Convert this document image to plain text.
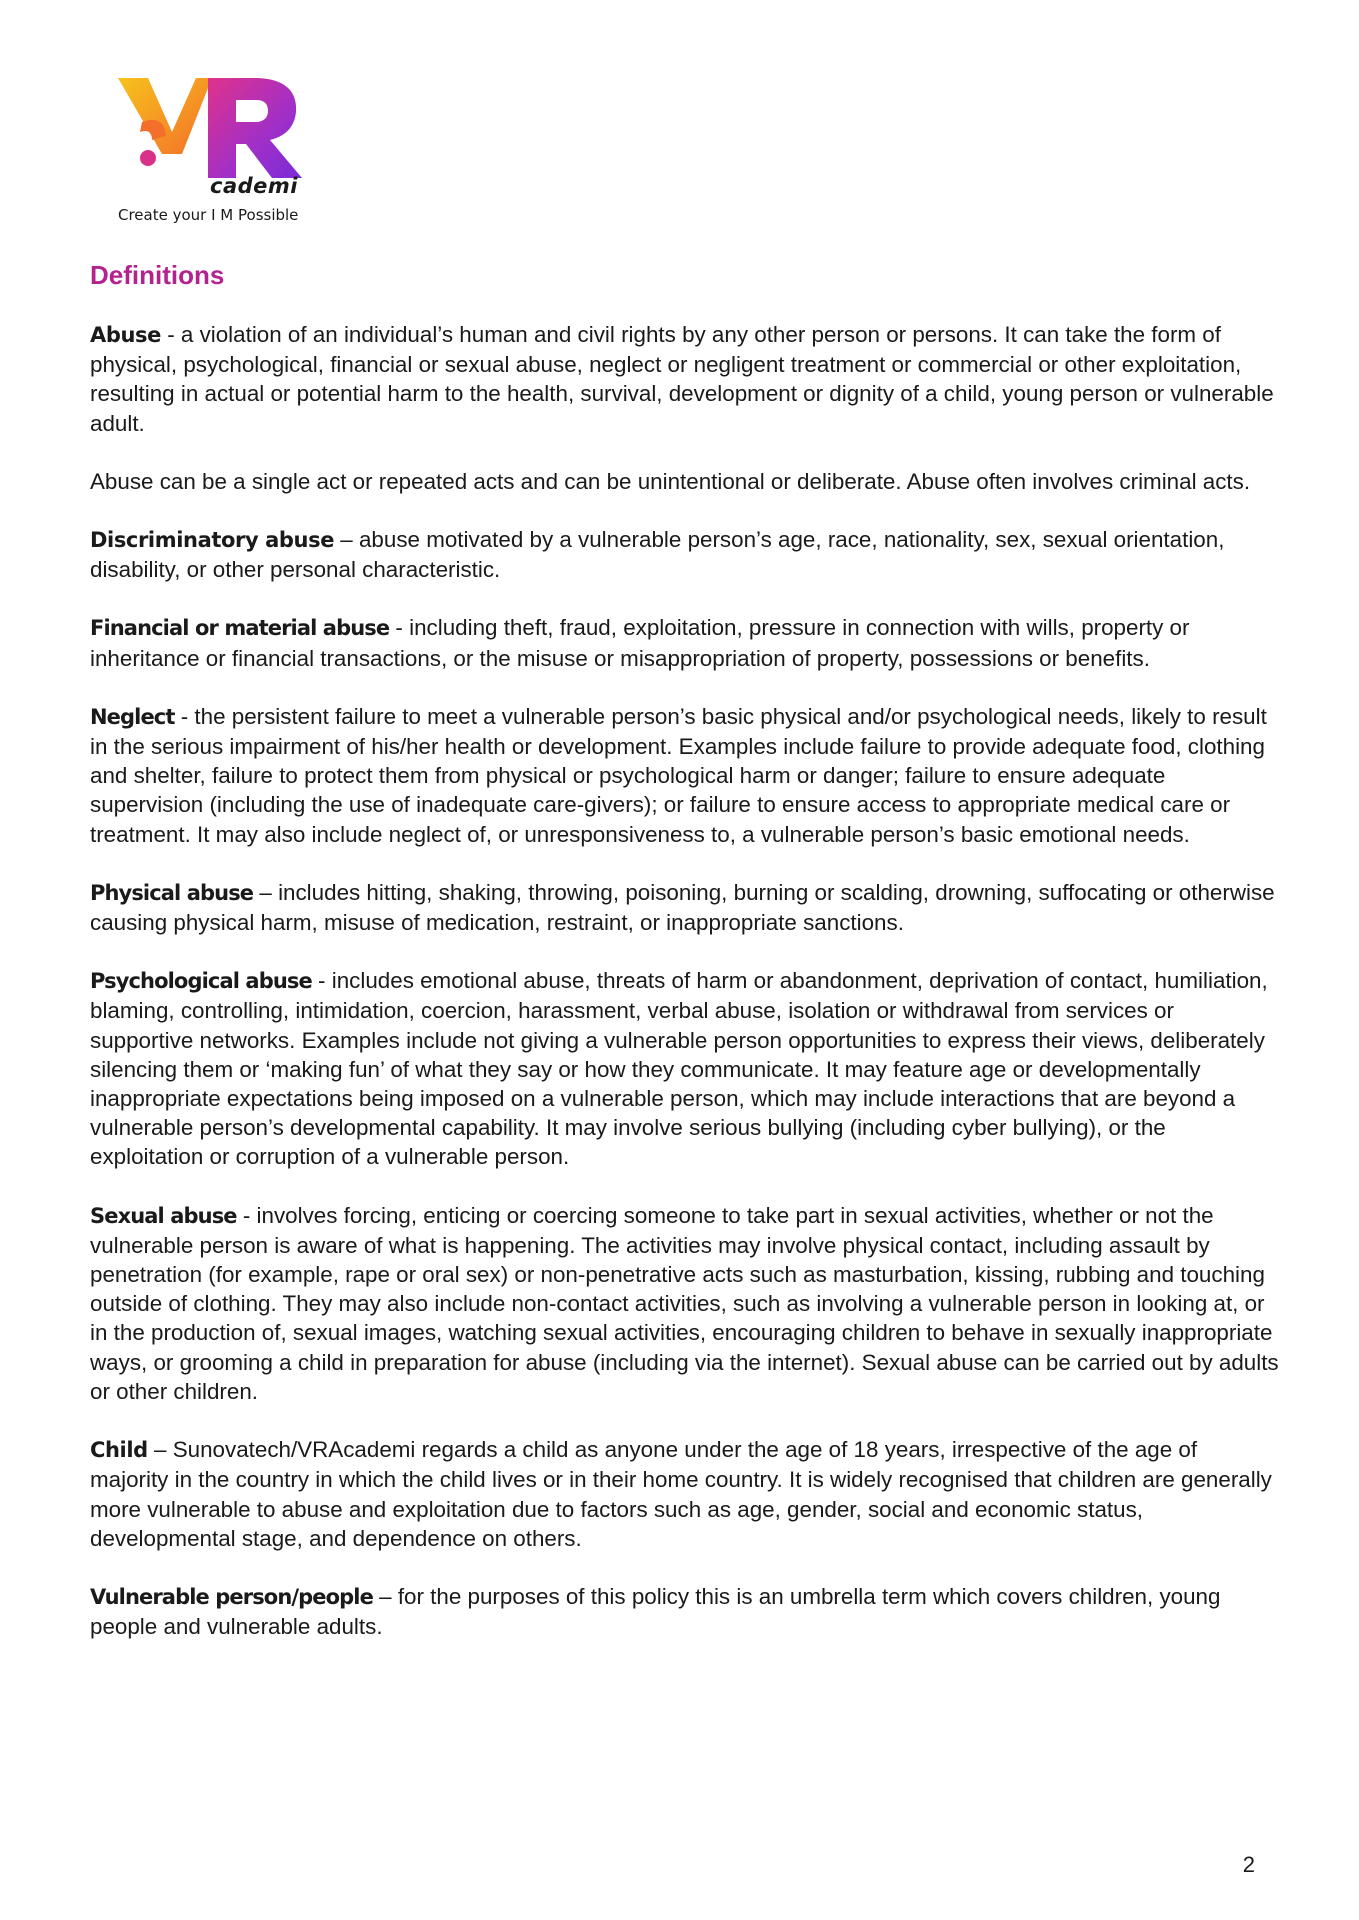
cademi
Create your I M Possible
Definitions

Abuse - a violation of an individual’s human and civil rights by any other person or persons. It can take the form of physical, psychological, financial or sexual abuse, neglect or negligent treatment or commercial or other exploitation, resulting in actual or potential harm to the health, survival, development or dignity of a child, young person or vulnerable adult.

Abuse can be a single act or repeated acts and can be unintentional or deliberate. Abuse often involves criminal acts.

Discriminatory abuse – abuse motivated by a vulnerable person’s age, race, nationality, sex, sexual orientation, disability, or other personal characteristic.

Financial or material abuse - including theft, fraud, exploitation, pressure in connection with wills, property or inheritance or financial transactions, or the misuse or misappropriation of property, possessions or benefits.

Neglect - the persistent failure to meet a vulnerable person’s basic physical and/or psychological needs, likely to result in the serious impairment of his/her health or development. Examples include failure to provide adequate food, clothing and shelter, failure to protect them from physical or psychological harm or danger; failure to ensure adequate supervision (including the use of inadequate care-givers); or failure to ensure access to appropriate medical care or treatment. It may also include neglect of, or unresponsiveness to, a vulnerable person’s basic emotional needs.

Physical abuse – includes hitting, shaking, throwing, poisoning, burning or scalding, drowning, suffocating or otherwise causing physical harm, misuse of medication, restraint, or inappropriate sanctions.

Psychological abuse - includes emotional abuse, threats of harm or abandonment, deprivation of contact, humiliation, blaming, controlling, intimidation, coercion, harassment, verbal abuse, isolation or withdrawal from services or supportive networks. Examples include not giving a vulnerable person opportunities to express their views, deliberately silencing them or ‘making fun’ of what they say or how they communicate. It may feature age or developmentally inappropriate expectations being imposed on a vulnerable person, which may include interactions that are beyond a vulnerable person’s developmental capability. It may involve serious bullying (including cyber bullying), or the exploitation or corruption of a vulnerable person.

Sexual abuse - involves forcing, enticing or coercing someone to take part in sexual activities, whether or not the vulnerable person is aware of what is happening. The activities may involve physical contact, including assault by penetration (for example, rape or oral sex) or non-penetrative acts such as masturbation, kissing, rubbing and touching outside of clothing. They may also include non-contact activities, such as involving a vulnerable person in looking at, or in the production of, sexual images, watching sexual activities, encouraging children to behave in sexually inappropriate ways, or grooming a child in preparation for abuse (including via the internet). Sexual abuse can be carried out by adults or other children.

Child – Sunovatech/VRAcademi regards a child as anyone under the age of 18 years, irrespective of the age of majority in the country in which the child lives or in their home country. It is widely recognised that children are generally more vulnerable to abuse and exploitation due to factors such as age, gender, social and economic status, developmental stage, and dependence on others.

Vulnerable person/people – for the purposes of this policy this is an umbrella term which covers children, young people and vulnerable adults.

2
